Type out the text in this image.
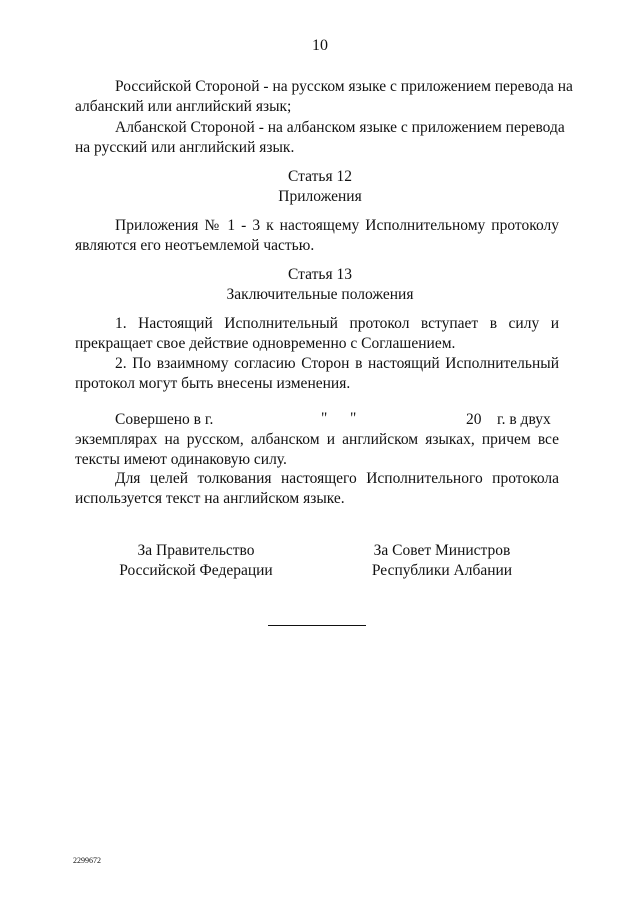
10
Российской Стороной - на русском языке с приложением перевода на
албанский или английский язык;
Албанской Стороной - на албанском языке с приложением перевода
на русский или английский язык.
Статья 12
Приложения
Приложения № 1 - 3 к настоящему Исполнительному протоколу
являются его неотъемлемой частью.
Статья 13
Заключительные положения
1. Настоящий Исполнительный протокол вступает в силу и
прекращает свое действие одновременно с Соглашением.
2. По взаимному согласию Сторон в настоящий Исполнительный
протокол могут быть внесены изменения.
Совершено в г.	" "	20 г. в двух
экземплярах на русском, албанском и английском языках, причем все
тексты имеют одинаковую силу.
Для целей толкования настоящего Исполнительного протокола
используется текст на английском языке.
За Правительство
Российской Федерации
За Совет Министров
Республики Албании
2299672
